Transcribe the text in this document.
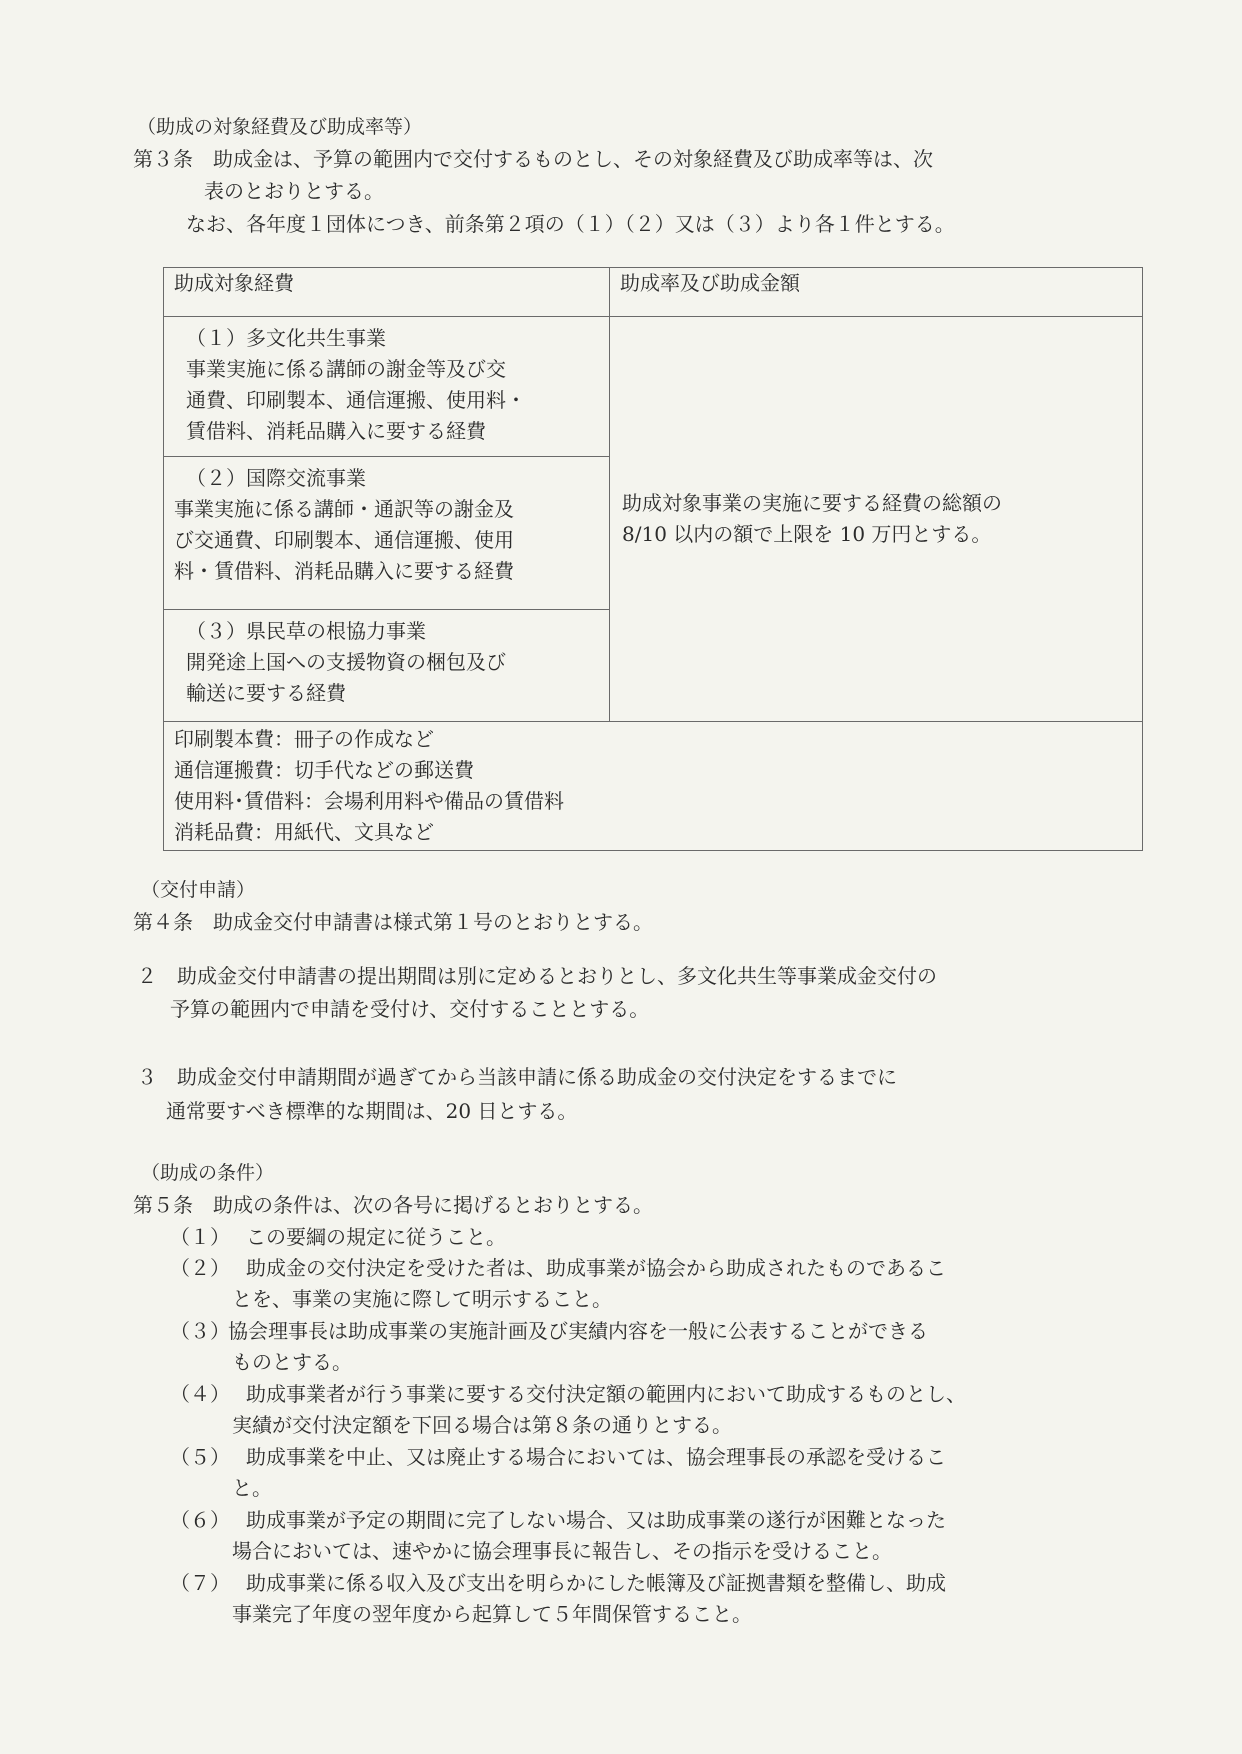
（助成の対象経費及び助成率等）
第３条　助成金は、予算の範囲内で交付するものとし、その対象経費及び助成率等は、次
表のとおりとする。
なお、各年度１団体につき、前条第２項の（１）（２）又は（３）より各１件とする。
助成対象経費	助成率及び助成金額

（１）多文化共生事業
事業実施に係る講師の謝金等及び交
通費、印刷製本、通信運搬、使用料・
賃借料、消耗品購入に要する経費	助成対象事業の実施に要する経費の総額の
8/10 以内の額で上限を 10 万円とする。

（２）国際交流事業
事業実施に係る講師・通訳等の謝金及
び交通費、印刷製本、通信運搬、使用
料・賃借料、消耗品購入に要する経費	

（３）県民草の根協力事業
開発途上国への支援物資の梱包及び
輸送に要する経費	

印刷製本費：冊子の作成など
通信運搬費：切手代などの郵送費
使用料･賃借料：会場利用料や備品の賃借料
消耗品費：用紙代、文具など	
（交付申請）
第４条　助成金交付申請書は様式第１号のとおりとする。
２　助成金交付申請書の提出期間は別に定めるとおりとし、多文化共生等事業成金交付の
予算の範囲内で申請を受付け、交付することとする。
３　助成金交付申請期間が過ぎてから当該申請に係る助成金の交付決定をするまでに
通常要すべき標準的な期間は、20 日とする。
（助成の条件）
第５条　助成の条件は、次の各号に掲げるとおりとする。
（１） この要綱の規定に従うこと。
（２） 助成金の交付決定を受けた者は、助成事業が協会から助成されたものであるこ
とを、事業の実施に際して明示すること。
（３）
協会理事長は助成事業の実施計画及び実績内容を一般に公表することができる
ものとする。
（４） 助成事業者が行う事業に要する交付決定額の範囲内において助成するものとし、
実績が交付決定額を下回る場合は第８条の通りとする。
（５） 助成事業を中止、又は廃止する場合においては、協会理事長の承認を受けるこ
と。
（６） 助成事業が予定の期間に完了しない場合、又は助成事業の遂行が困難となった
場合においては、速やかに協会理事長に報告し、その指示を受けること。
（７） 助成事業に係る収入及び支出を明らかにした帳簿及び証拠書類を整備し、助成
事業完了年度の翌年度から起算して５年間保管すること。
